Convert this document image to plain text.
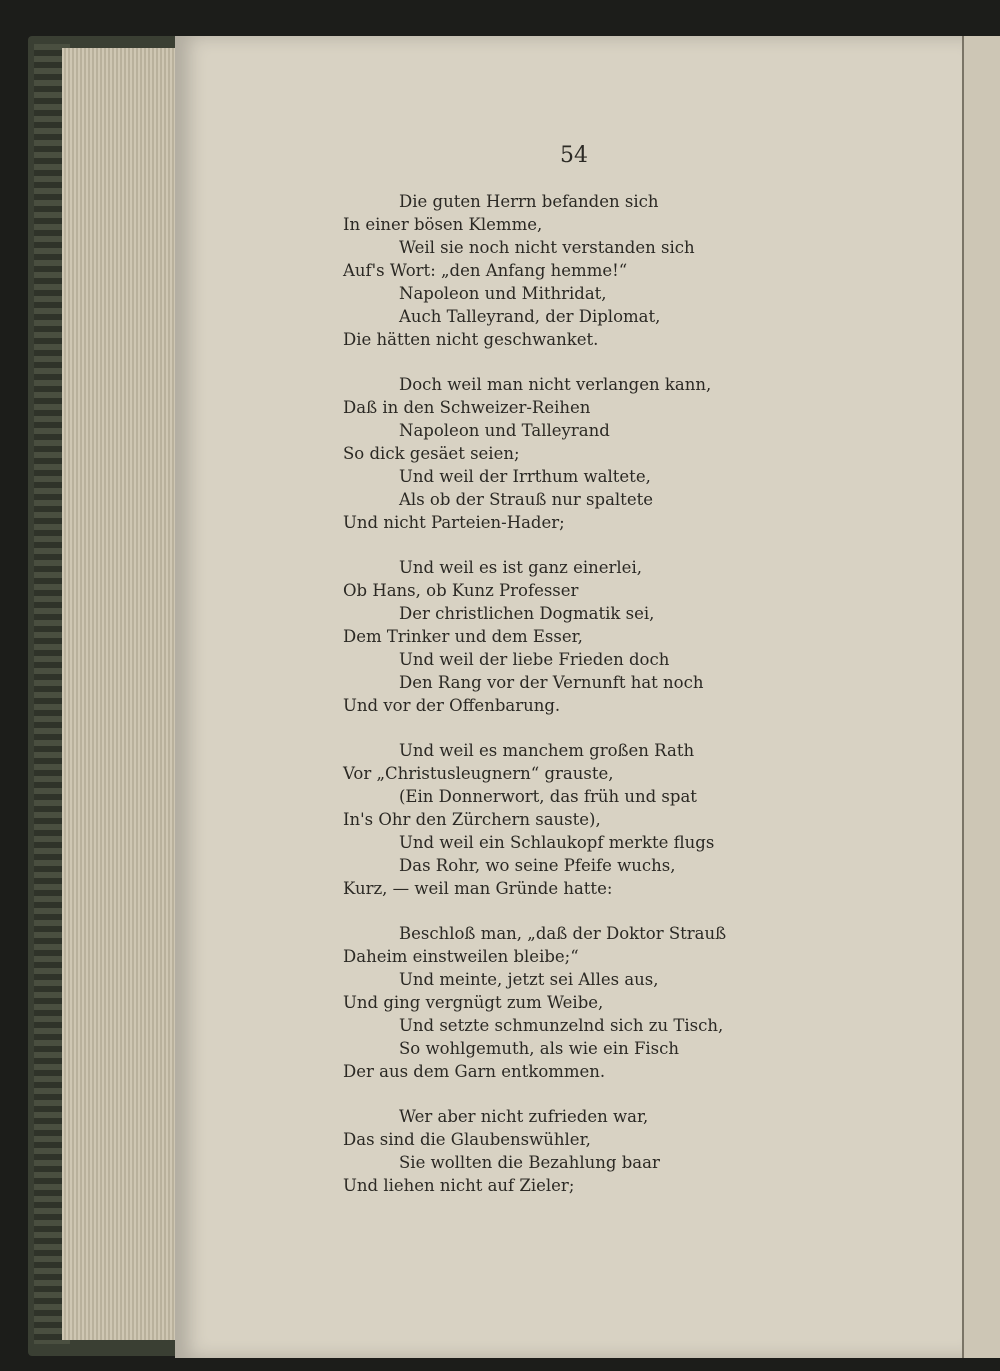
54
Die guten Herrn befanden sich
In einer bösen Klemme,
Weil sie noch nicht verstanden sich
Auf's Wort: „den Anfang hemme!“
Napoleon und Mithridat,
Auch Talleyrand, der Diplomat,
Die hätten nicht geschwanket.
Doch weil man nicht verlangen kann,
Daß in den Schweizer-Reihen
Napoleon und Talleyrand
So dick gesäet seien;
Und weil der Irrthum waltete,
Als ob der Strauß nur spaltete
Und nicht Parteien-Hader;
Und weil es ist ganz einerlei,
Ob Hans, ob Kunz Professer
Der christlichen Dogmatik sei,
Dem Trinker und dem Esser,
Und weil der liebe Frieden doch
Den Rang vor der Vernunft hat noch
Und vor der Offenbarung.
Und weil es manchem großen Rath
Vor „Christusleugnern“ grauste,
(Ein Donnerwort, das früh und spat
In's Ohr den Zürchern sauste),
Und weil ein Schlaukopf merkte flugs
Das Rohr, wo seine Pfeife wuchs,
Kurz, — weil man Gründe hatte:
Beschloß man, „daß der Doktor Strauß
Daheim einstweilen bleibe;“
Und meinte, jetzt sei Alles aus,
Und ging vergnügt zum Weibe,
Und setzte schmunzelnd sich zu Tisch,
So wohlgemuth, als wie ein Fisch
Der aus dem Garn entkommen.
Wer aber nicht zufrieden war,
Das sind die Glaubenswühler,
Sie wollten die Bezahlung baar
Und liehen nicht auf Zieler;
